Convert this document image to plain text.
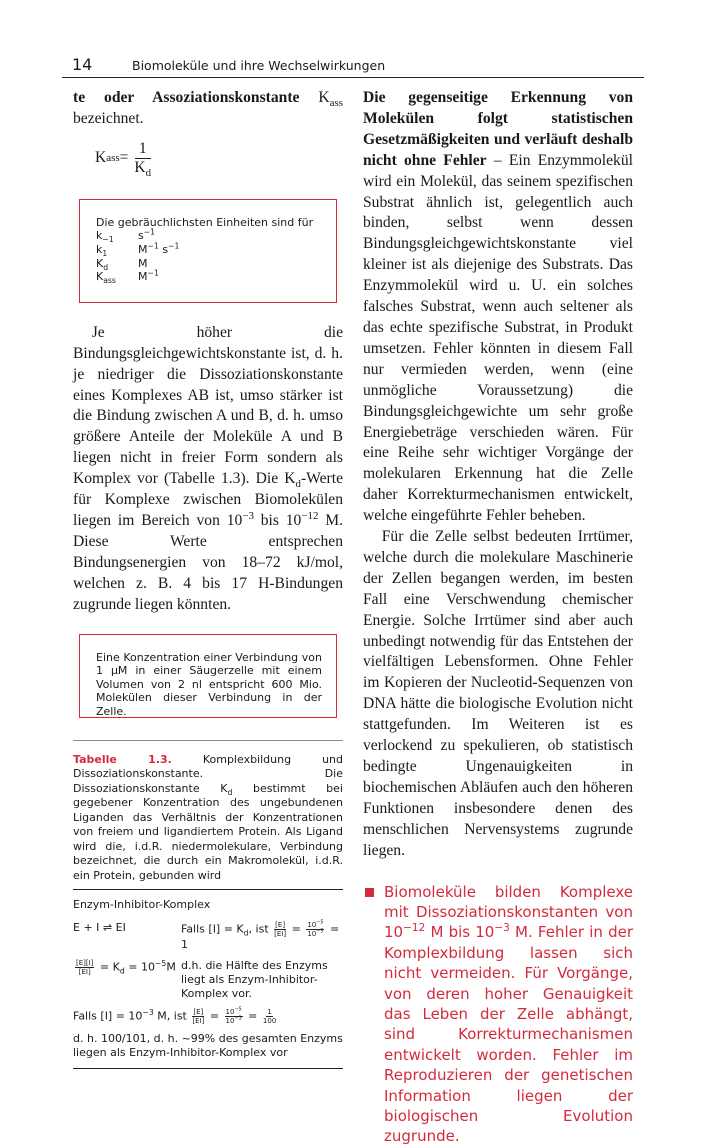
14	Biomoleküle und ihre Wechselwirkungen

te oder Assoziationskonstante $K_{ass}$ bezeichnet.

K ass = $\frac{1}{K_d}$
Die gebräuchlichsten Einheiten sind für
$k_{-1}$	$s^{-1}$
$k_1$	$M^{-1}$ $s^{-1}$
$K_d$	M
$K_{ass}$	$M^{-1}$

Je höher die Bindungsgleichgewichtskonstante ist, d. h. je niedriger die Dissoziationskonstante eines Komplexes AB ist, umso stärker ist die Bindung zwischen A und B, d. h. umso größere Anteile der Moleküle A und B liegen nicht in freier Form sondern als Komplex vor (Tabelle 1.3). Die $K_d$-Werte für Komplexe zwischen Biomolekülen liegen im Bereich von $10^{-3}$ bis $10^{-12}$ M. Diese Werte entsprechen Bindungsenergien von 18–72 kJ/mol, welchen z. B. 4 bis 17 H-Bindungen zugrunde liegen könnten.

Eine Konzentration einer Verbindung von 1 μM in einer Säugerzelle mit einem Volumen von 2 nl entspricht 600 Mio. Molekülen dieser Verbindung in der Zelle.
Tabelle 1.3. Komplexbildung und Dissoziationskonstante. Die Dissoziationskonstante $K_d$ bestimmt bei gegebener Konzentration des ungebundenen Liganden das Verhältnis der Konzentrationen von freiem und ligandiertem Protein. Als Ligand wird die, i.d.R. niedermolekulare, Verbindung bezeichnet, die durch ein Makromolekül, i.d.R. ein Protein, gebunden wird
Enzym-Inhibitor-Komplex
E + I ⇌ EI	Falls $[I] = K_d$, ist $\frac{[E]}{[EI]} = \frac{10^{-5}}{10^{-5}} = 1$
$\frac{[E][I]}{[EI]} = K_d = 10^{-5}M$ d.h. die Hälfte des Enzyms liegt als Enzym-Inhibitor-Komplex vor.
Falls $[I] = 10^{-3}$ M, ist $\frac{[E]}{[EI]} = \frac{10^{-5}}{10^{-3}} = \frac{1}{100}$
d. h. 100/101, d. h. ~99% des gesamten Enzyms liegen als Enzym-Inhibitor-Komplex vor

Die gegenseitige Erkennung von Molekülen folgt statistischen Gesetzmäßigkeiten und verläuft deshalb nicht ohne Fehler – Ein Enzymmolekül wird ein Molekül, das seinem spezifischen Substrat ähnlich ist, gelegentlich auch binden, selbst wenn dessen Bindungsgleichgewichtskonstante viel kleiner ist als diejenige des Substrats. Das Enzymmolekül wird u. U. ein solches falsches Substrat, wenn auch seltener als das echte spezifische Substrat, in Produkt umsetzen. Fehler könnten in diesem Fall nur vermieden werden, wenn (eine unmögliche Voraussetzung) die Bindungsgleichgewichte um sehr große Energiebeträge verschieden wären. Für eine Reihe sehr wichtiger Vorgänge der molekularen Erkennung hat die Zelle daher Korrekturmechanismen entwickelt, welche eingeführte Fehler beheben.

Für die Zelle selbst bedeuten Irrtümer, welche durch die molekulare Maschinerie der Zellen begangen werden, im besten Fall eine Verschwendung chemischer Energie. Solche Irrtümer sind aber auch unbedingt notwendig für das Entstehen der vielfältigen Lebensformen. Ohne Fehler im Kopieren der Nucleotid-Sequenzen von DNA hätte die biologische Evolution nicht stattgefunden. Im Weiteren ist es verlockend zu spekulieren, ob statistisch bedingte Ungenauigkeiten in biochemischen Abläufen auch den höheren Funktionen insbesondere denen des menschlichen Nervensystems zugrunde liegen.

Biomoleküle bilden Komplexe mit Dissoziationskonstanten von $10^{-12}$ M bis $10^{-3}$ M. Fehler in der Komplexbildung lassen sich nicht vermeiden. Für Vorgänge, von deren hoher Genauigkeit das Leben der Zelle abhängt, sind Korrekturmechanismen entwickelt worden. Fehler im Reproduzieren der genetischen Information liegen der biologischen Evolution zugrunde.
